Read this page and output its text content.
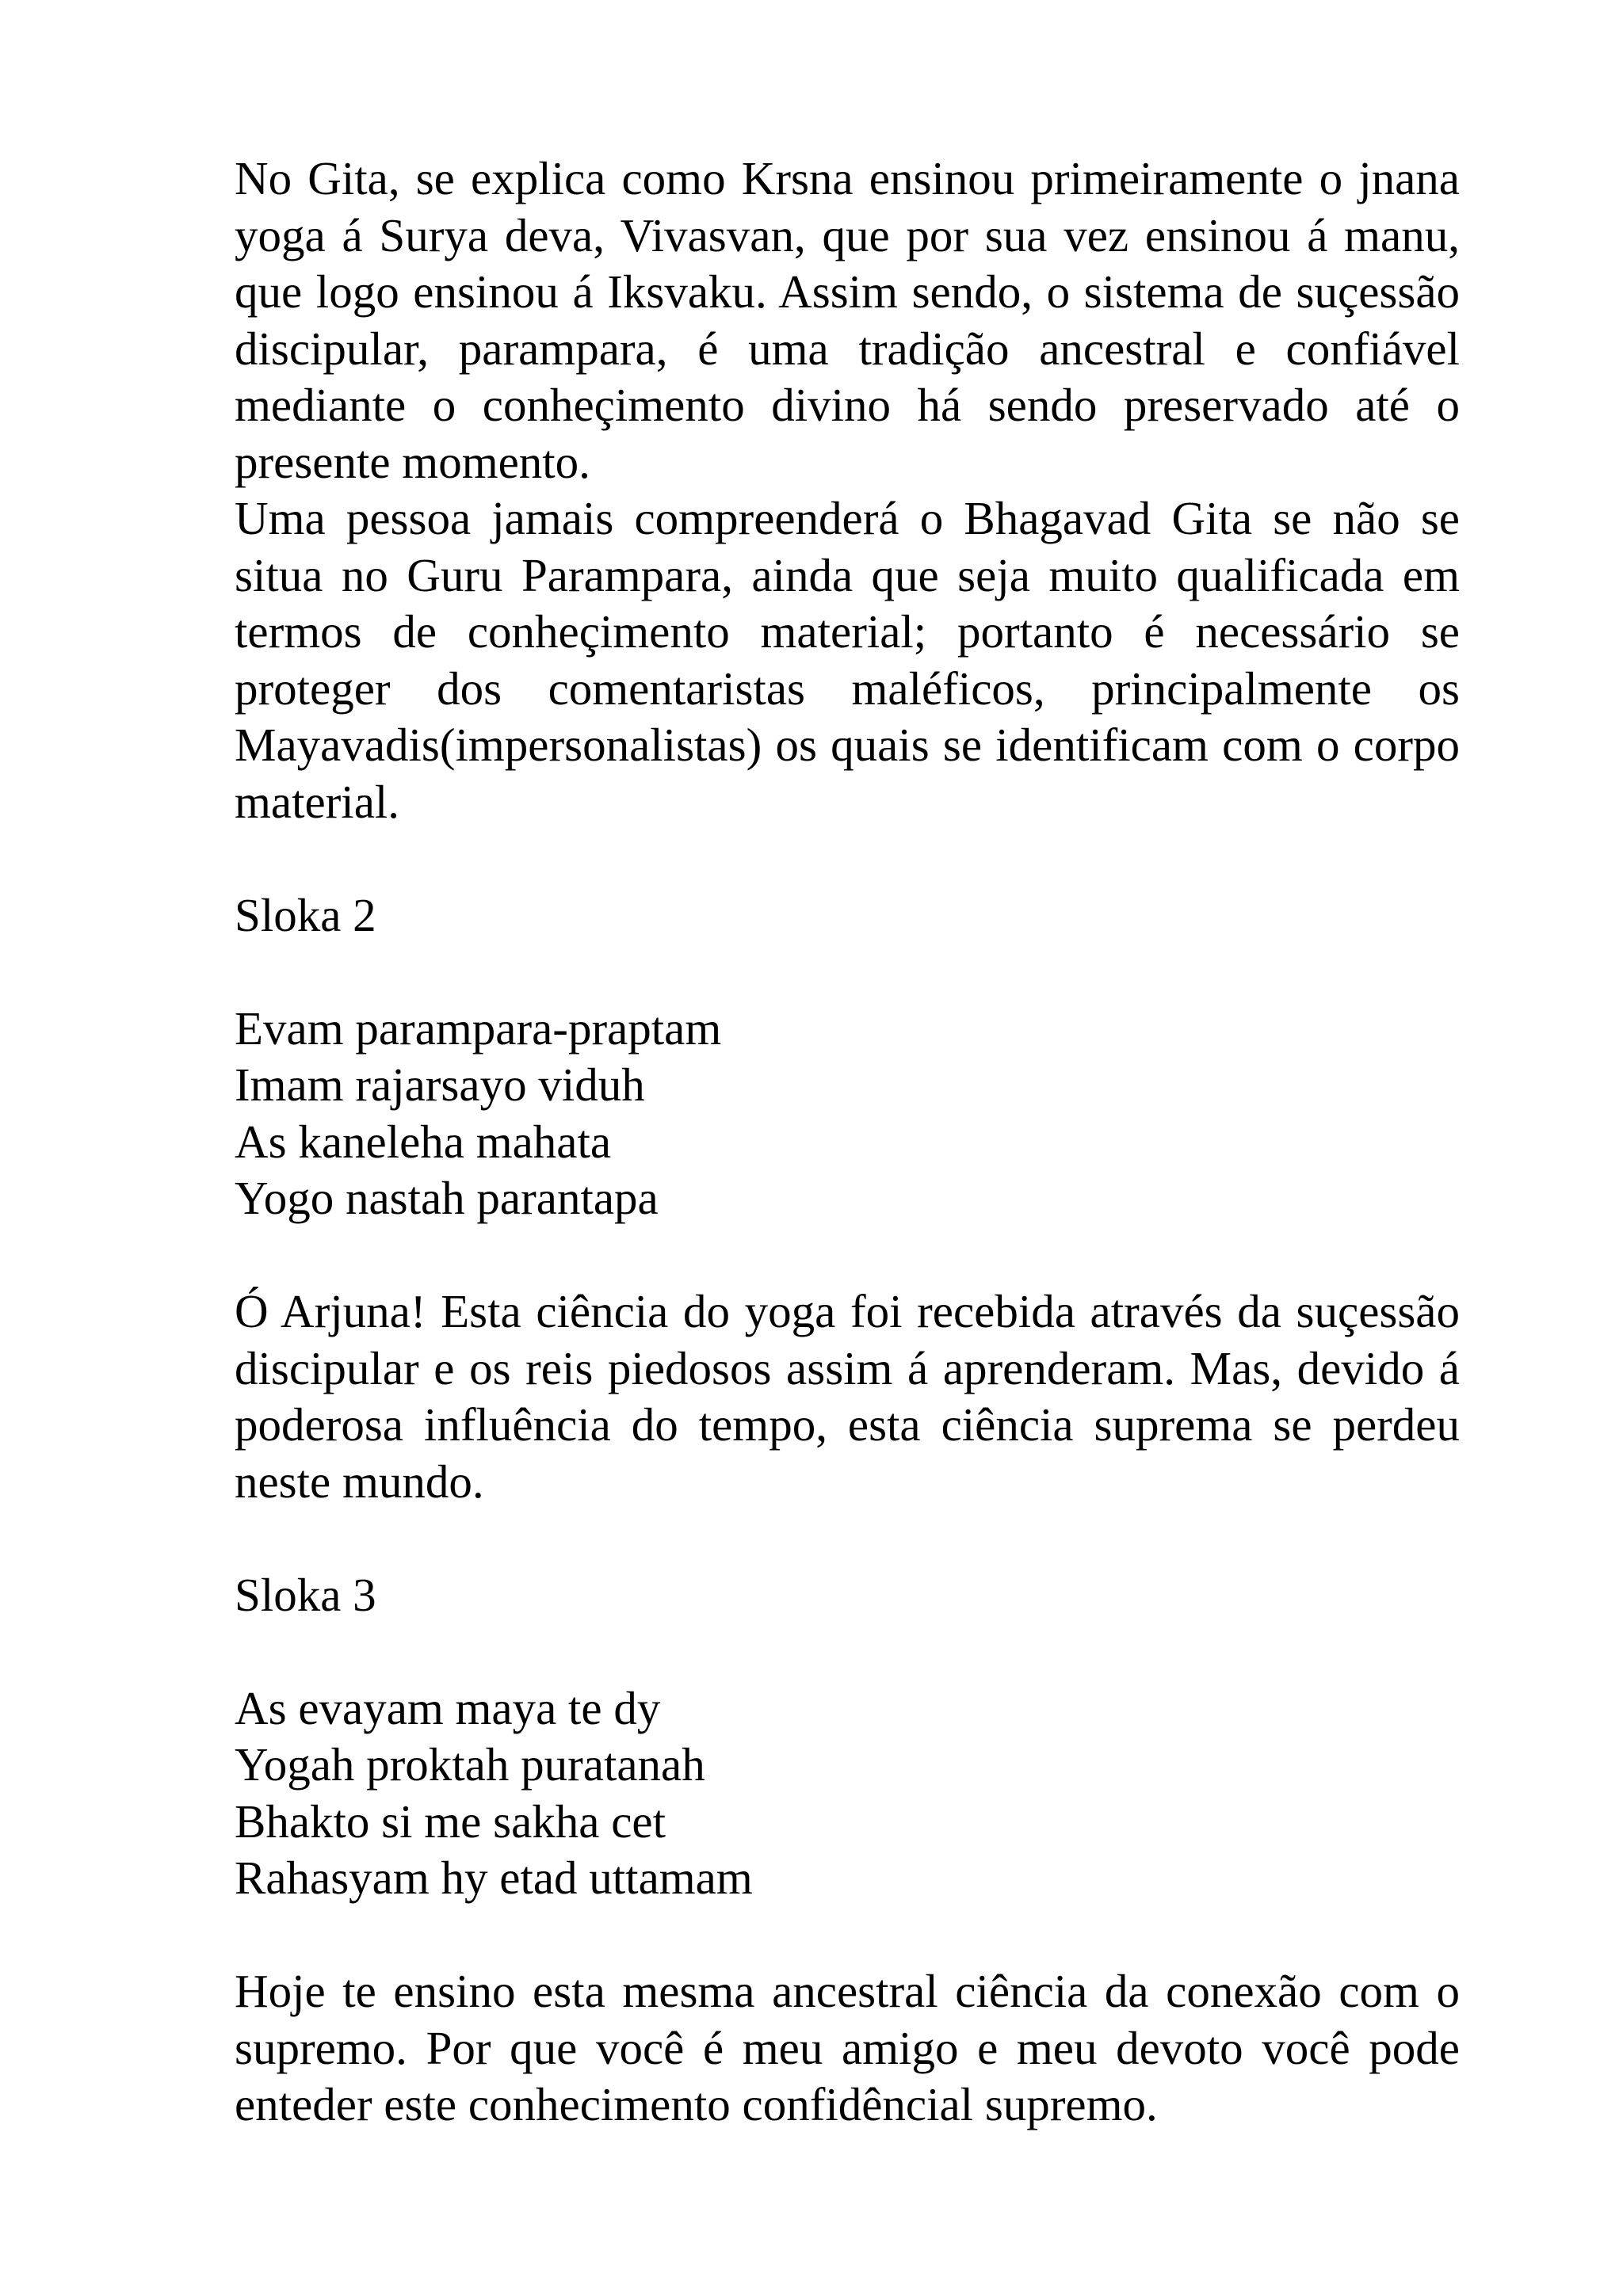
No Gita, se explica como Krsna ensinou primeiramente o jnana yoga á Surya deva, Vivasvan, que por sua vez ensinou á manu, que logo ensinou á Iksvaku. Assim sendo, o sistema de suçessão discipular, parampara, é uma tradição ancestral e confiável mediante o conheçimento divino há sendo preservado até o presente momento.

Uma pessoa jamais compreenderá o Bhagavad Gita se não se situa no Guru Parampara, ainda que seja muito qualificada em termos de conheçimento material; portanto é necessário se proteger dos comentaristas maléficos, principalmente os Mayavadis(impersonalistas) os quais se identificam com o corpo material.

Sloka 2

Evam parampara-praptam
Imam rajarsayo viduh
As kaneleha mahata
Yogo nastah parantapa

Ó Arjuna! Esta ciência do yoga foi recebida através da suçessão discipular e os reis piedosos assim á aprenderam. Mas, devido á poderosa influência do tempo, esta ciência suprema se perdeu neste mundo.

Sloka 3

As evayam maya te dy
Yogah proktah puratanah
Bhakto si me sakha cet
Rahasyam hy etad uttamam

Hoje te ensino esta mesma ancestral ciência da conexão com o supremo. Por que você é meu amigo e meu devoto você pode enteder este conhecimento confidêncial supremo.
